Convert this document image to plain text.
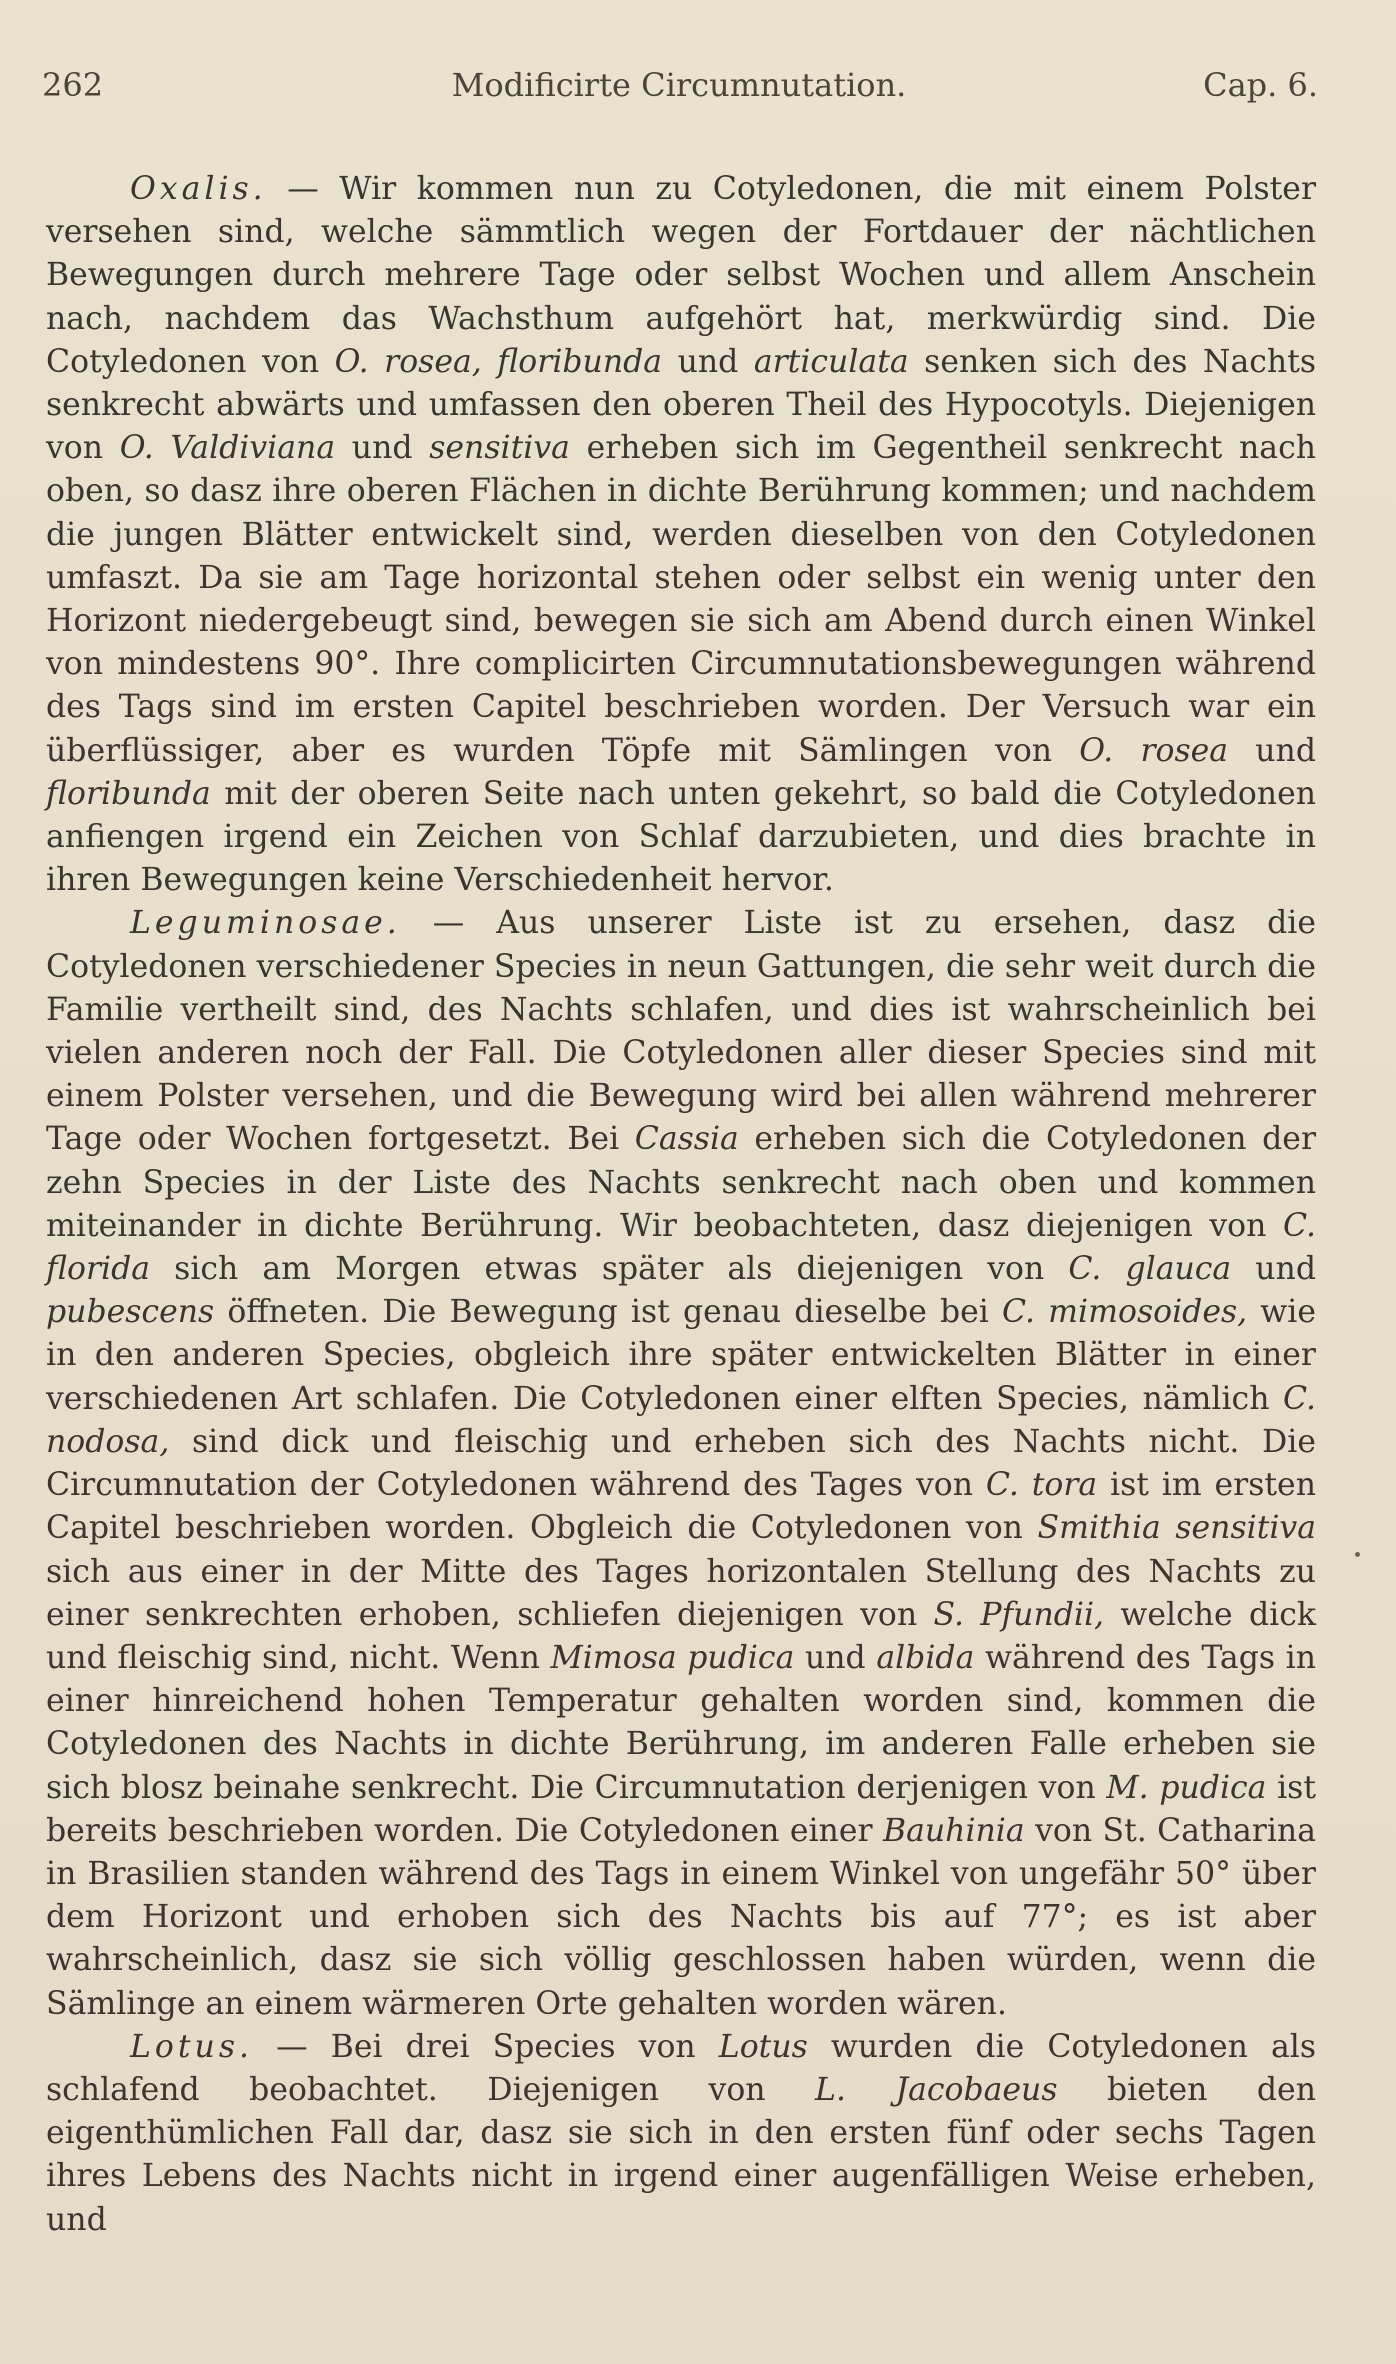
262	Modificirte Circumnutation.	Cap. 6.

Oxalis. — Wir kommen nun zu Cotyledonen, die mit einem Polster versehen sind, welche sämmtlich wegen der Fortdauer der nächtlichen Bewegungen durch mehrere Tage oder selbst Wochen und allem Anschein nach, nachdem das Wachsthum aufgehört hat, merkwürdig sind. Die Cotyledonen von O. rosea, floribunda und articulata senken sich des Nachts senkrecht abwärts und umfassen den oberen Theil des Hypocotyls. Diejenigen von O. Valdiviana und sensitiva erheben sich im Gegentheil senkrecht nach oben, so dasz ihre oberen Flächen in dichte Berührung kommen; und nachdem die jungen Blätter entwickelt sind, werden dieselben von den Cotyledonen umfaszt. Da sie am Tage horizontal stehen oder selbst ein wenig unter den Horizont niedergebeugt sind, bewegen sie sich am Abend durch einen Winkel von mindestens 90°. Ihre complicirten Circumnutationsbewegungen während des Tags sind im ersten Capitel beschrieben worden. Der Versuch war ein überflüssiger, aber es wurden Töpfe mit Sämlingen von O. rosea und floribunda mit der oberen Seite nach unten gekehrt, so bald die Cotyledonen anfiengen irgend ein Zeichen von Schlaf darzubieten, und dies brachte in ihren Bewegungen keine Verschiedenheit hervor.

Leguminosae. — Aus unserer Liste ist zu ersehen, dasz die Cotyledonen verschiedener Species in neun Gattungen, die sehr weit durch die Familie vertheilt sind, des Nachts schlafen, und dies ist wahrscheinlich bei vielen anderen noch der Fall. Die Cotyledonen aller dieser Species sind mit einem Polster versehen, und die Bewegung wird bei allen während mehrerer Tage oder Wochen fortgesetzt. Bei Cassia erheben sich die Cotyledonen der zehn Species in der Liste des Nachts senkrecht nach oben und kommen miteinander in dichte Berührung. Wir beobachteten, dasz diejenigen von C. florida sich am Morgen etwas später als diejenigen von C. glauca und pubescens öffneten. Die Bewegung ist genau dieselbe bei C. mimosoides, wie in den anderen Species, obgleich ihre später entwickelten Blätter in einer verschiedenen Art schlafen. Die Cotyledonen einer elften Species, nämlich C. nodosa, sind dick und fleischig und erheben sich des Nachts nicht. Die Circumnutation der Cotyledonen während des Tages von C. tora ist im ersten Capitel beschrieben worden. Obgleich die Cotyledonen von Smithia sensitiva sich aus einer in der Mitte des Tages horizontalen Stellung des Nachts zu einer senkrechten erhoben, schliefen diejenigen von S. Pfundii, welche dick und fleischig sind, nicht. Wenn Mimosa pudica und albida während des Tags in einer hinreichend hohen Temperatur gehalten worden sind, kommen die Cotyledonen des Nachts in dichte Berührung, im anderen Falle erheben sie sich blosz beinahe senkrecht. Die Circumnutation derjenigen von M. pudica ist bereits beschrieben worden. Die Cotyledonen einer Bauhinia von St. Catharina in Brasilien standen während des Tags in einem Winkel von ungefähr 50° über dem Horizont und erhoben sich des Nachts bis auf 77°; es ist aber wahrscheinlich, dasz sie sich völlig geschlossen haben würden, wenn die Sämlinge an einem wärmeren Orte gehalten worden wären.

Lotus. — Bei drei Species von Lotus wurden die Cotyledonen als schlafend beobachtet. Diejenigen von L. Jacobaeus bieten den eigenthümlichen Fall dar, dasz sie sich in den ersten fünf oder sechs Tagen ihres Lebens des Nachts nicht in irgend einer augenfälligen Weise erheben, und
